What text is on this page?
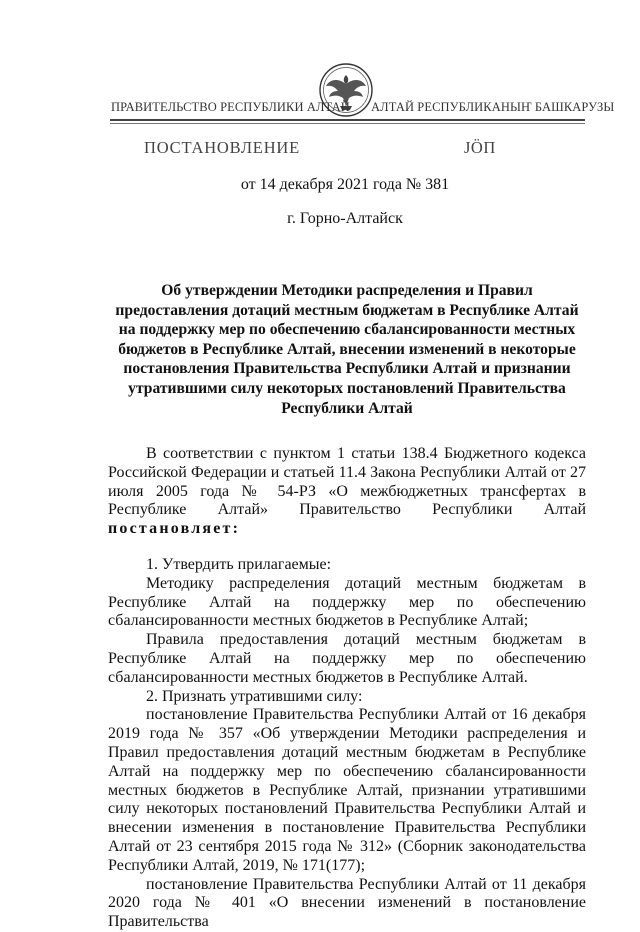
ПРАВИТЕЛЬСТВО РЕСПУБЛИКИ АЛТАЙ АЛТАЙ РЕСПУБЛИКАНЫҤ БАШКАРУЗЫ
ПОСТАНОВЛЕНИЕ	ЈÖП
от 14 декабря 2021 года № 381
г. Горно-Алтайск
Об утверждении Методики распределения и Правил предоставления дотаций местным бюджетам в Республике Алтай на поддержку мер по обеспечению сбалансированности местных бюджетов в Республике Алтай, внесении изменений в некоторые постановления Правительства Республики Алтай и признании утратившими силу некоторых постановлений Правительства Республики Алтай

В соответствии с пунктом 1 статьи 138.4 Бюджетного кодекса Российской Федерации и статьей 11.4 Закона Республики Алтай от 27 июля 2005 года № 54-РЗ «О межбюджетных трансфертах в Республике Алтай» Правительство Республики Алтай постановляет:

1. Утвердить прилагаемые:

Методику распределения дотаций местным бюджетам в Республике Алтай на поддержку мер по обеспечению сбалансированности местных бюджетов в Республике Алтай;

Правила предоставления дотаций местным бюджетам в Республике Алтай на поддержку мер по обеспечению сбалансированности местных бюджетов в Республике Алтай.

2. Признать утратившими силу:

постановление Правительства Республики Алтай от 16 декабря 2019 года № 357 «Об утверждении Методики распределения и Правил предоставления дотаций местным бюджетам в Республике Алтай на поддержку мер по обеспечению сбалансированности местных бюджетов в Республике Алтай, признании утратившими силу некоторых постановлений Правительства Республики Алтай и внесении изменения в постановление Правительства Республики Алтай от 23 сентября 2015 года № 312» (Сборник законодательства Республики Алтай, 2019, № 171(177);

постановление Правительства Республики Алтай от 11 декабря 2020 года № 401 «О внесении изменений в постановление Правительства
